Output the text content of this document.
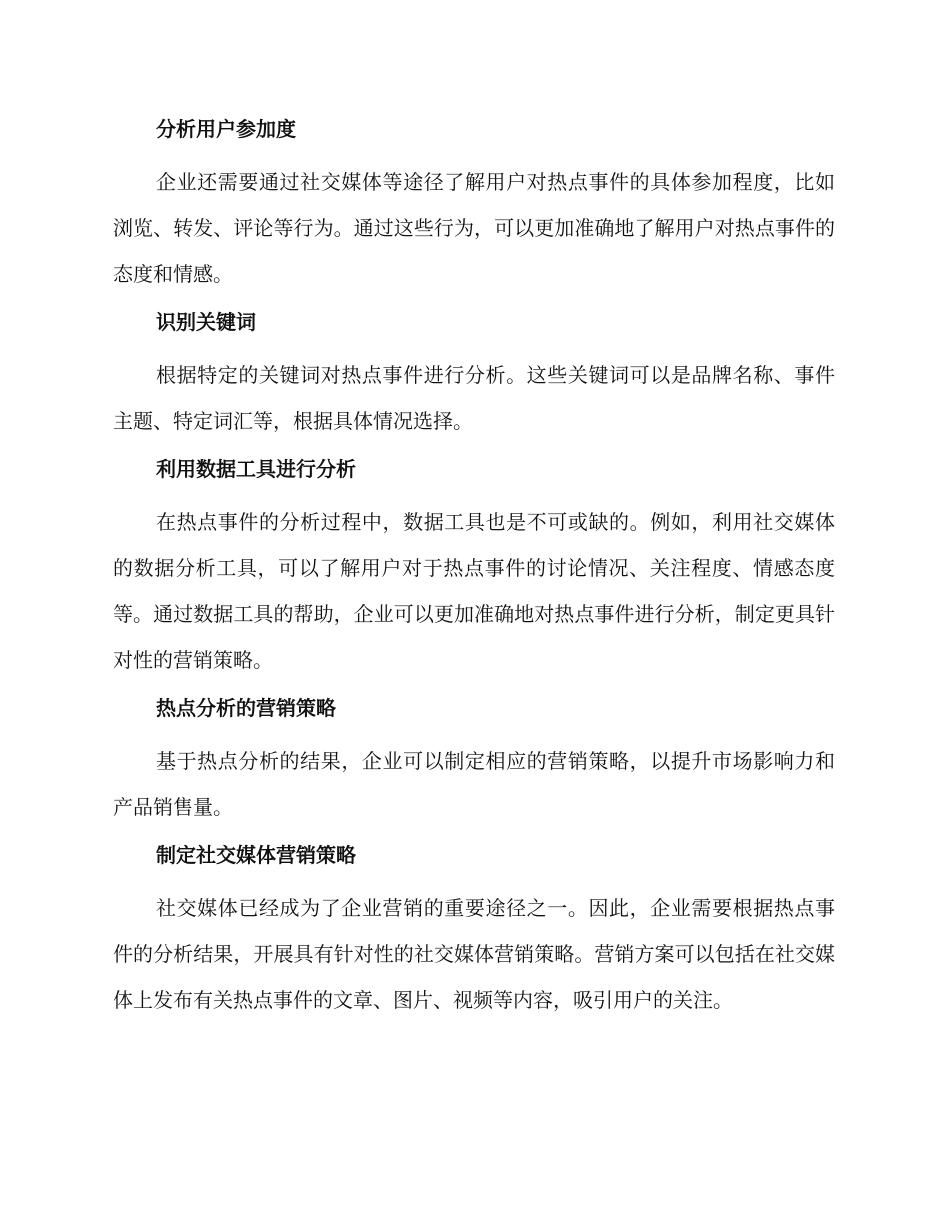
分析用户参加度

企业还需要通过社交媒体等途径了解用户对热点事件的具体参加程度，比如浏览、转发、评论等行为。通过这些行为，可以更加准确地了解用户对热点事件的态度和情感。

识别关键词

根据特定的关键词对热点事件进行分析。这些关键词可以是品牌名称、事件主题、特定词汇等，根据具体情况选择。

利用数据工具进行分析

在热点事件的分析过程中，数据工具也是不可或缺的。例如，利用社交媒体的数据分析工具，可以了解用户对于热点事件的讨论情况、关注程度、情感态度等。通过数据工具的帮助，企业可以更加准确地对热点事件进行分析，制定更具针对性的营销策略。

热点分析的营销策略

基于热点分析的结果，企业可以制定相应的营销策略，以提升市场影响力和产品销售量。

制定社交媒体营销策略

社交媒体已经成为了企业营销的重要途径之一。因此，企业需要根据热点事件的分析结果，开展具有针对性的社交媒体营销策略。营销方案可以包括在社交媒体上发布有关热点事件的文章、图片、视频等内容，吸引用户的关注。
